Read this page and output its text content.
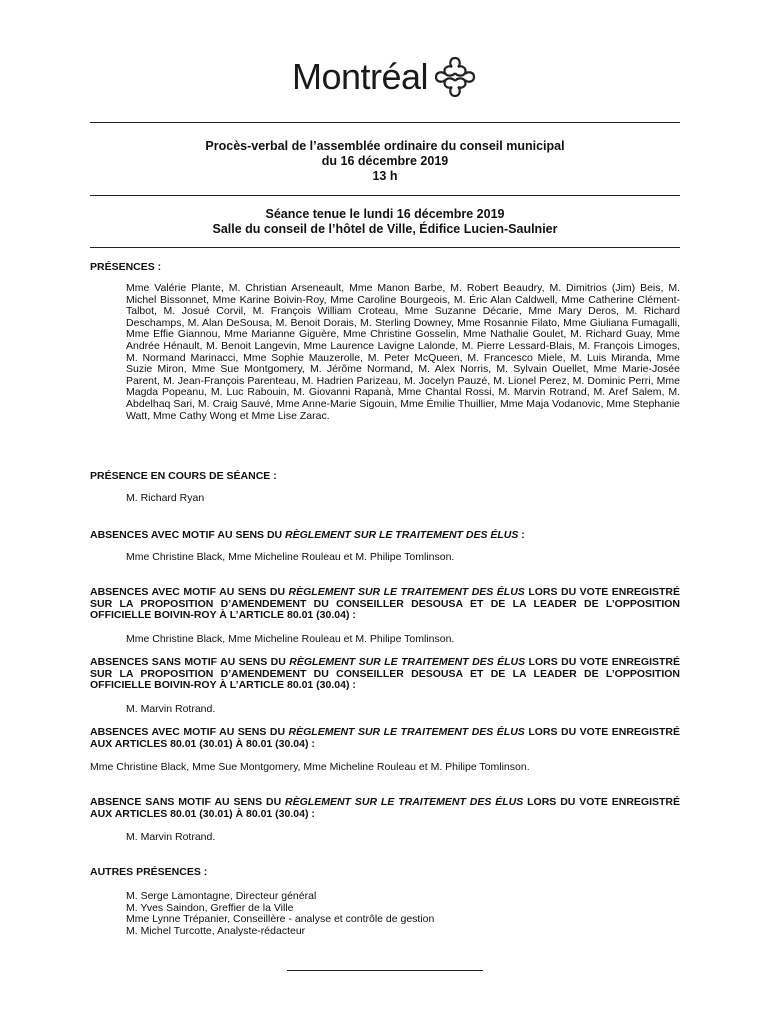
Montréal
Procès-verbal de l’assemblée ordinaire du conseil municipal
du 16 décembre 2019
13 h
Séance tenue le lundi 16 décembre 2019
Salle du conseil de l’hôtel de Ville, Édifice Lucien-Saulnier
PRÉSENCES :
Mme Valérie Plante, M. Christian Arseneault, Mme Manon Barbe, M. Robert Beaudry, M. Dimitrios (Jim) Beis, M. Michel Bissonnet, Mme Karine Boivin-Roy, Mme Caroline Bourgeois, M. Éric Alan Caldwell, Mme Catherine Clément-Talbot, M. Josué Corvil, M. François William Croteau, Mme Suzanne Décarie, Mme Mary Deros, M. Richard Deschamps, M. Alan DeSousa, M. Benoit Dorais, M. Sterling Downey, Mme Rosannie Filato, Mme Giuliana Fumagalli, Mme Effie Giannou, Mme Marianne Giguère, Mme Christine Gosselin, Mme Nathalie Goulet, M. Richard Guay, Mme Andrée Hénault, M. Benoit Langevin, Mme Laurence Lavigne Lalonde, M. Pierre Lessard-Blais, M. François Limoges, M. Normand Marinacci, Mme Sophie Mauzerolle, M. Peter McQueen, M. Francesco Miele, M. Luis Miranda, Mme Suzie Miron, Mme Sue Montgomery, M. Jérôme Normand, M. Alex Norris, M. Sylvain Ouellet, Mme Marie-Josée Parent, M. Jean-François Parenteau, M. Hadrien Parizeau, M. Jocelyn Pauzé, M. Lionel Perez, M. Dominic Perri, Mme Magda Popeanu, M. Luc Rabouin, M. Giovanni Rapanà, Mme Chantal Rossi, M. Marvin Rotrand, M. Aref Salem, M. Abdelhaq Sari, M. Craig Sauvé, Mme Anne-Marie Sigouin, Mme Émilie Thuillier, Mme Maja Vodanovic, Mme Stephanie Watt, Mme Cathy Wong et Mme Lise Zarac.
PRÉSENCE EN COURS DE SÉANCE :
M. Richard Ryan
ABSENCES AVEC MOTIF AU SENS DU RÈGLEMENT SUR LE TRAITEMENT DES ÉLUS :
Mme Christine Black, Mme Micheline Rouleau et M. Philipe Tomlinson.
ABSENCES AVEC MOTIF AU SENS DU RÈGLEMENT SUR LE TRAITEMENT DES ÉLUS LORS DU VOTE ENREGISTRÉ SUR LA PROPOSITION D’AMENDEMENT DU CONSEILLER DESOUSA ET DE LA LEADER DE L’OPPOSITION OFFICIELLE BOIVIN-ROY À L’ARTICLE 80.01 (30.04) :
Mme Christine Black, Mme Micheline Rouleau et M. Philipe Tomlinson.
ABSENCES SANS MOTIF AU SENS DU RÈGLEMENT SUR LE TRAITEMENT DES ÉLUS LORS DU VOTE ENREGISTRÉ SUR LA PROPOSITION D’AMENDEMENT DU CONSEILLER DESOUSA ET DE LA LEADER DE L’OPPOSITION OFFICIELLE BOIVIN-ROY À L’ARTICLE 80.01 (30.04) :
M. Marvin Rotrand.
ABSENCES AVEC MOTIF AU SENS DU RÈGLEMENT SUR LE TRAITEMENT DES ÉLUS LORS DU VOTE ENREGISTRÉ AUX ARTICLES 80.01 (30.01) À 80.01 (30.04) :
Mme Christine Black, Mme Sue Montgomery, Mme Micheline Rouleau et M. Philipe Tomlinson.
ABSENCE SANS MOTIF AU SENS DU RÈGLEMENT SUR LE TRAITEMENT DES ÉLUS LORS DU VOTE ENREGISTRÉ AUX ARTICLES 80.01 (30.01) À 80.01 (30.04) :
M. Marvin Rotrand.
AUTRES PRÉSENCES :
M. Serge Lamontagne, Directeur général
M. Yves Saindon, Greffier de la Ville
Mme Lynne Trépanier, Conseillère - analyse et contrôle de gestion
M. Michel Turcotte, Analyste-rédacteur
